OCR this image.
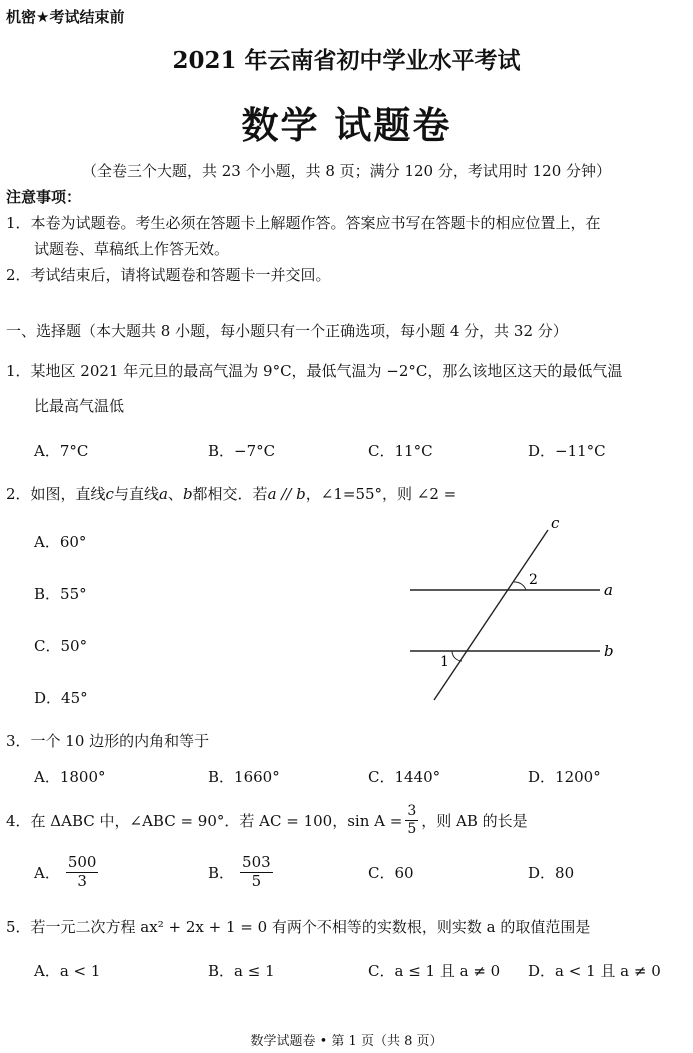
机密★考试结束前
2021 年云南省初中学业水平考试
数学 试题卷
（全卷三个大题，共 23 个小题，共 8 页；满分 120 分，考试用时 120 分钟）
注意事项：
1．本卷为试题卷。考生必须在答题卡上解题作答。答案应书写在答题卡的相应位置上，在
试题卷、草稿纸上作答无效。
2．考试结束后，请将试题卷和答题卡一并交回。
一、选择题（本大题共 8 小题，每小题只有一个正确选项，每小题 4 分，共 32 分）
1．某地区 2021 年元旦的最高气温为 9°C，最低气温为 −2°C，那么该地区这天的最低气温
比最高气温低
A．7°C	B．−7°C	C．11°C	D．−11°C
2．如图，直线c与直线a、b都相交．若a // b，∠1=55°，则 ∠2 =
A．60°
B．55°
C．50°
D．45°
c
a
b
2
1
3．一个 10 边形的内角和等于
A．1800°	B．1660°	C．1440°	D．1200°
4．在 ΔABC 中，∠ABC = 90°．若 AC = 100，$\sin A = \frac{3}{5}$ ，则 AB 的长是
A． $\frac{500}{3}$	B． $\frac{503}{5}$	C．60	D．80
5．若一元二次方程 ax² + 2x + 1 = 0 有两个不相等的实数根，则实数 a 的取值范围是
A．a < 1	B．a ≤ 1	C．a ≤ 1 且 a ≠ 0 D．a < 1 且 a ≠ 0
数学试题卷 • 第 1 页（共 8 页）
